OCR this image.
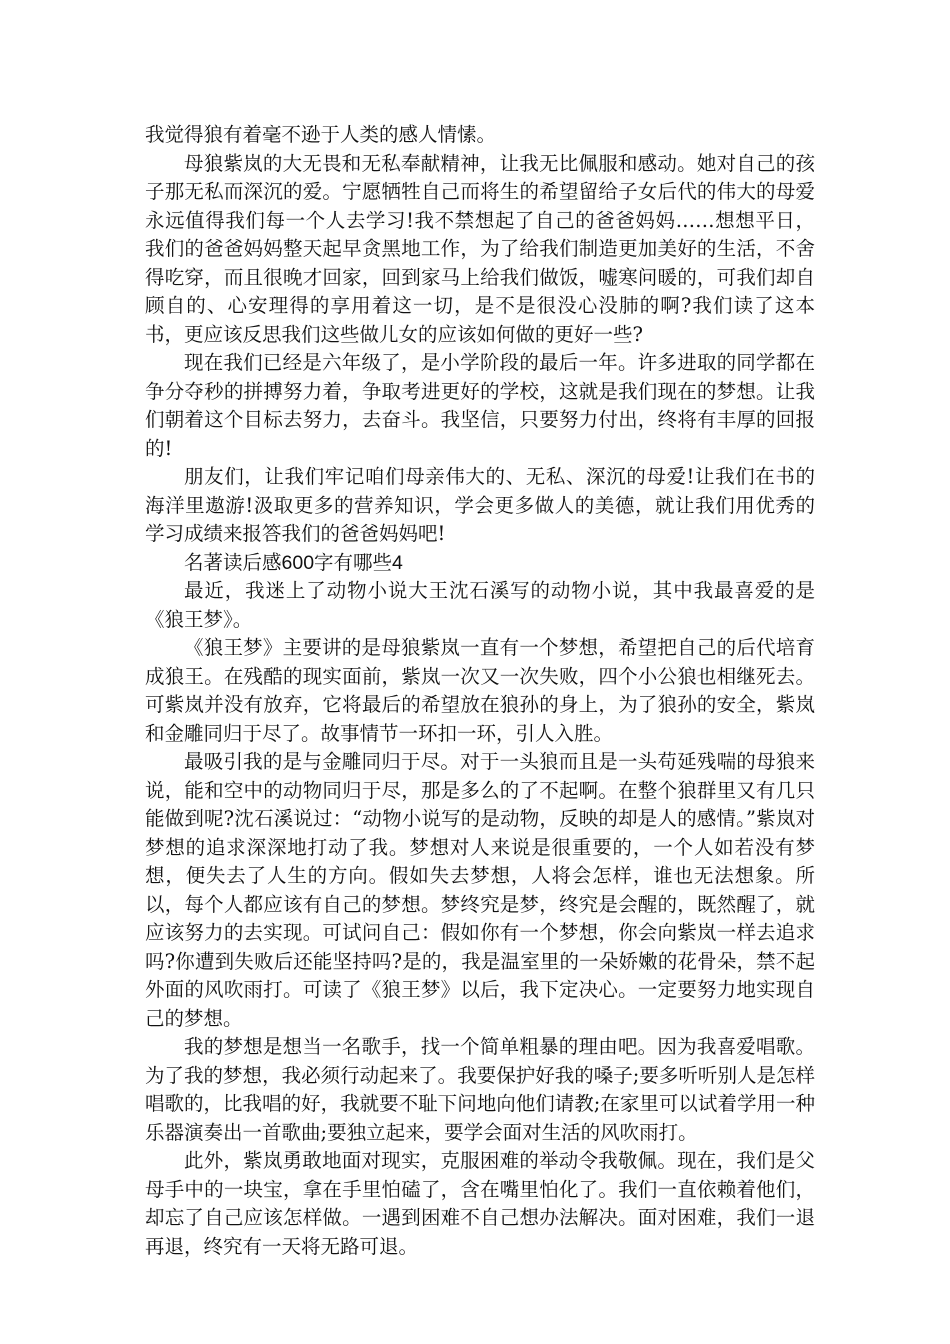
我觉得狼有着毫不逊于人类的感人情愫。

母狼紫岚的大无畏和无私奉献精神，让我无比佩服和感动。她对自己的孩子那无私而深沉的爱。宁愿牺牲自己而将生的希望留给子女后代的伟大的母爱永远值得我们每一个人去学习!我不禁想起了自己的爸爸妈妈……想想平日，我们的爸爸妈妈整天起早贪黑地工作，为了给我们制造更加美好的生活，不舍得吃穿，而且很晚才回家，回到家马上给我们做饭，嘘寒问暖的，可我们却自顾自的、心安理得的享用着这一切，是不是很没心没肺的啊?我们读了这本书，更应该反思我们这些做儿女的应该如何做的更好一些?

现在我们已经是六年级了，是小学阶段的最后一年。许多进取的同学都在争分夺秒的拼搏努力着，争取考进更好的学校，这就是我们现在的梦想。让我们朝着这个目标去努力，去奋斗。我坚信，只要努力付出，终将有丰厚的回报的!

朋友们，让我们牢记咱们母亲伟大的、无私、深沉的母爱!让我们在书的海洋里遨游!汲取更多的营养知识，学会更多做人的美德，就让我们用优秀的学习成绩来报答我们的爸爸妈妈吧!

名著读后感600字有哪些4

最近，我迷上了动物小说大王沈石溪写的动物小说，其中我最喜爱的是《狼王梦》。

《狼王梦》主要讲的是母狼紫岚一直有一个梦想，希望把自己的后代培育成狼王。在残酷的现实面前，紫岚一次又一次失败，四个小公狼也相继死去。可紫岚并没有放弃，它将最后的希望放在狼孙的身上，为了狼孙的安全，紫岚和金雕同归于尽了。故事情节一环扣一环，引人入胜。

最吸引我的是与金雕同归于尽。对于一头狼而且是一头苟延残喘的母狼来说，能和空中的动物同归于尽，那是多么的了不起啊。在整个狼群里又有几只能做到呢?沈石溪说过：“动物小说写的是动物，反映的却是人的感情。”紫岚对梦想的追求深深地打动了我。梦想对人来说是很重要的，一个人如若没有梦想，便失去了人生的方向。假如失去梦想，人将会怎样，谁也无法想象。所以，每个人都应该有自己的梦想。梦终究是梦，终究是会醒的，既然醒了，就应该努力的去实现。可试问自己：假如你有一个梦想，你会向紫岚一样去追求吗?你遭到失败后还能坚持吗?是的，我是温室里的一朵娇嫩的花骨朵，禁不起外面的风吹雨打。可读了《狼王梦》以后，我下定决心。一定要努力地实现自己的梦想。

我的梦想是想当一名歌手，找一个简单粗暴的理由吧。因为我喜爱唱歌。为了我的梦想，我必须行动起来了。我要保护好我的嗓子;要多听听别人是怎样唱歌的，比我唱的好，我就要不耻下问地向他们请教;在家里可以试着学用一种乐器演奏出一首歌曲;要独立起来，要学会面对生活的风吹雨打。

此外，紫岚勇敢地面对现实，克服困难的举动令我敬佩。现在，我们是父母手中的一块宝，拿在手里怕磕了，含在嘴里怕化了。我们一直依赖着他们，却忘了自己应该怎样做。一遇到困难不自己想办法解决。面对困难，我们一退再退，终究有一天将无路可退。
